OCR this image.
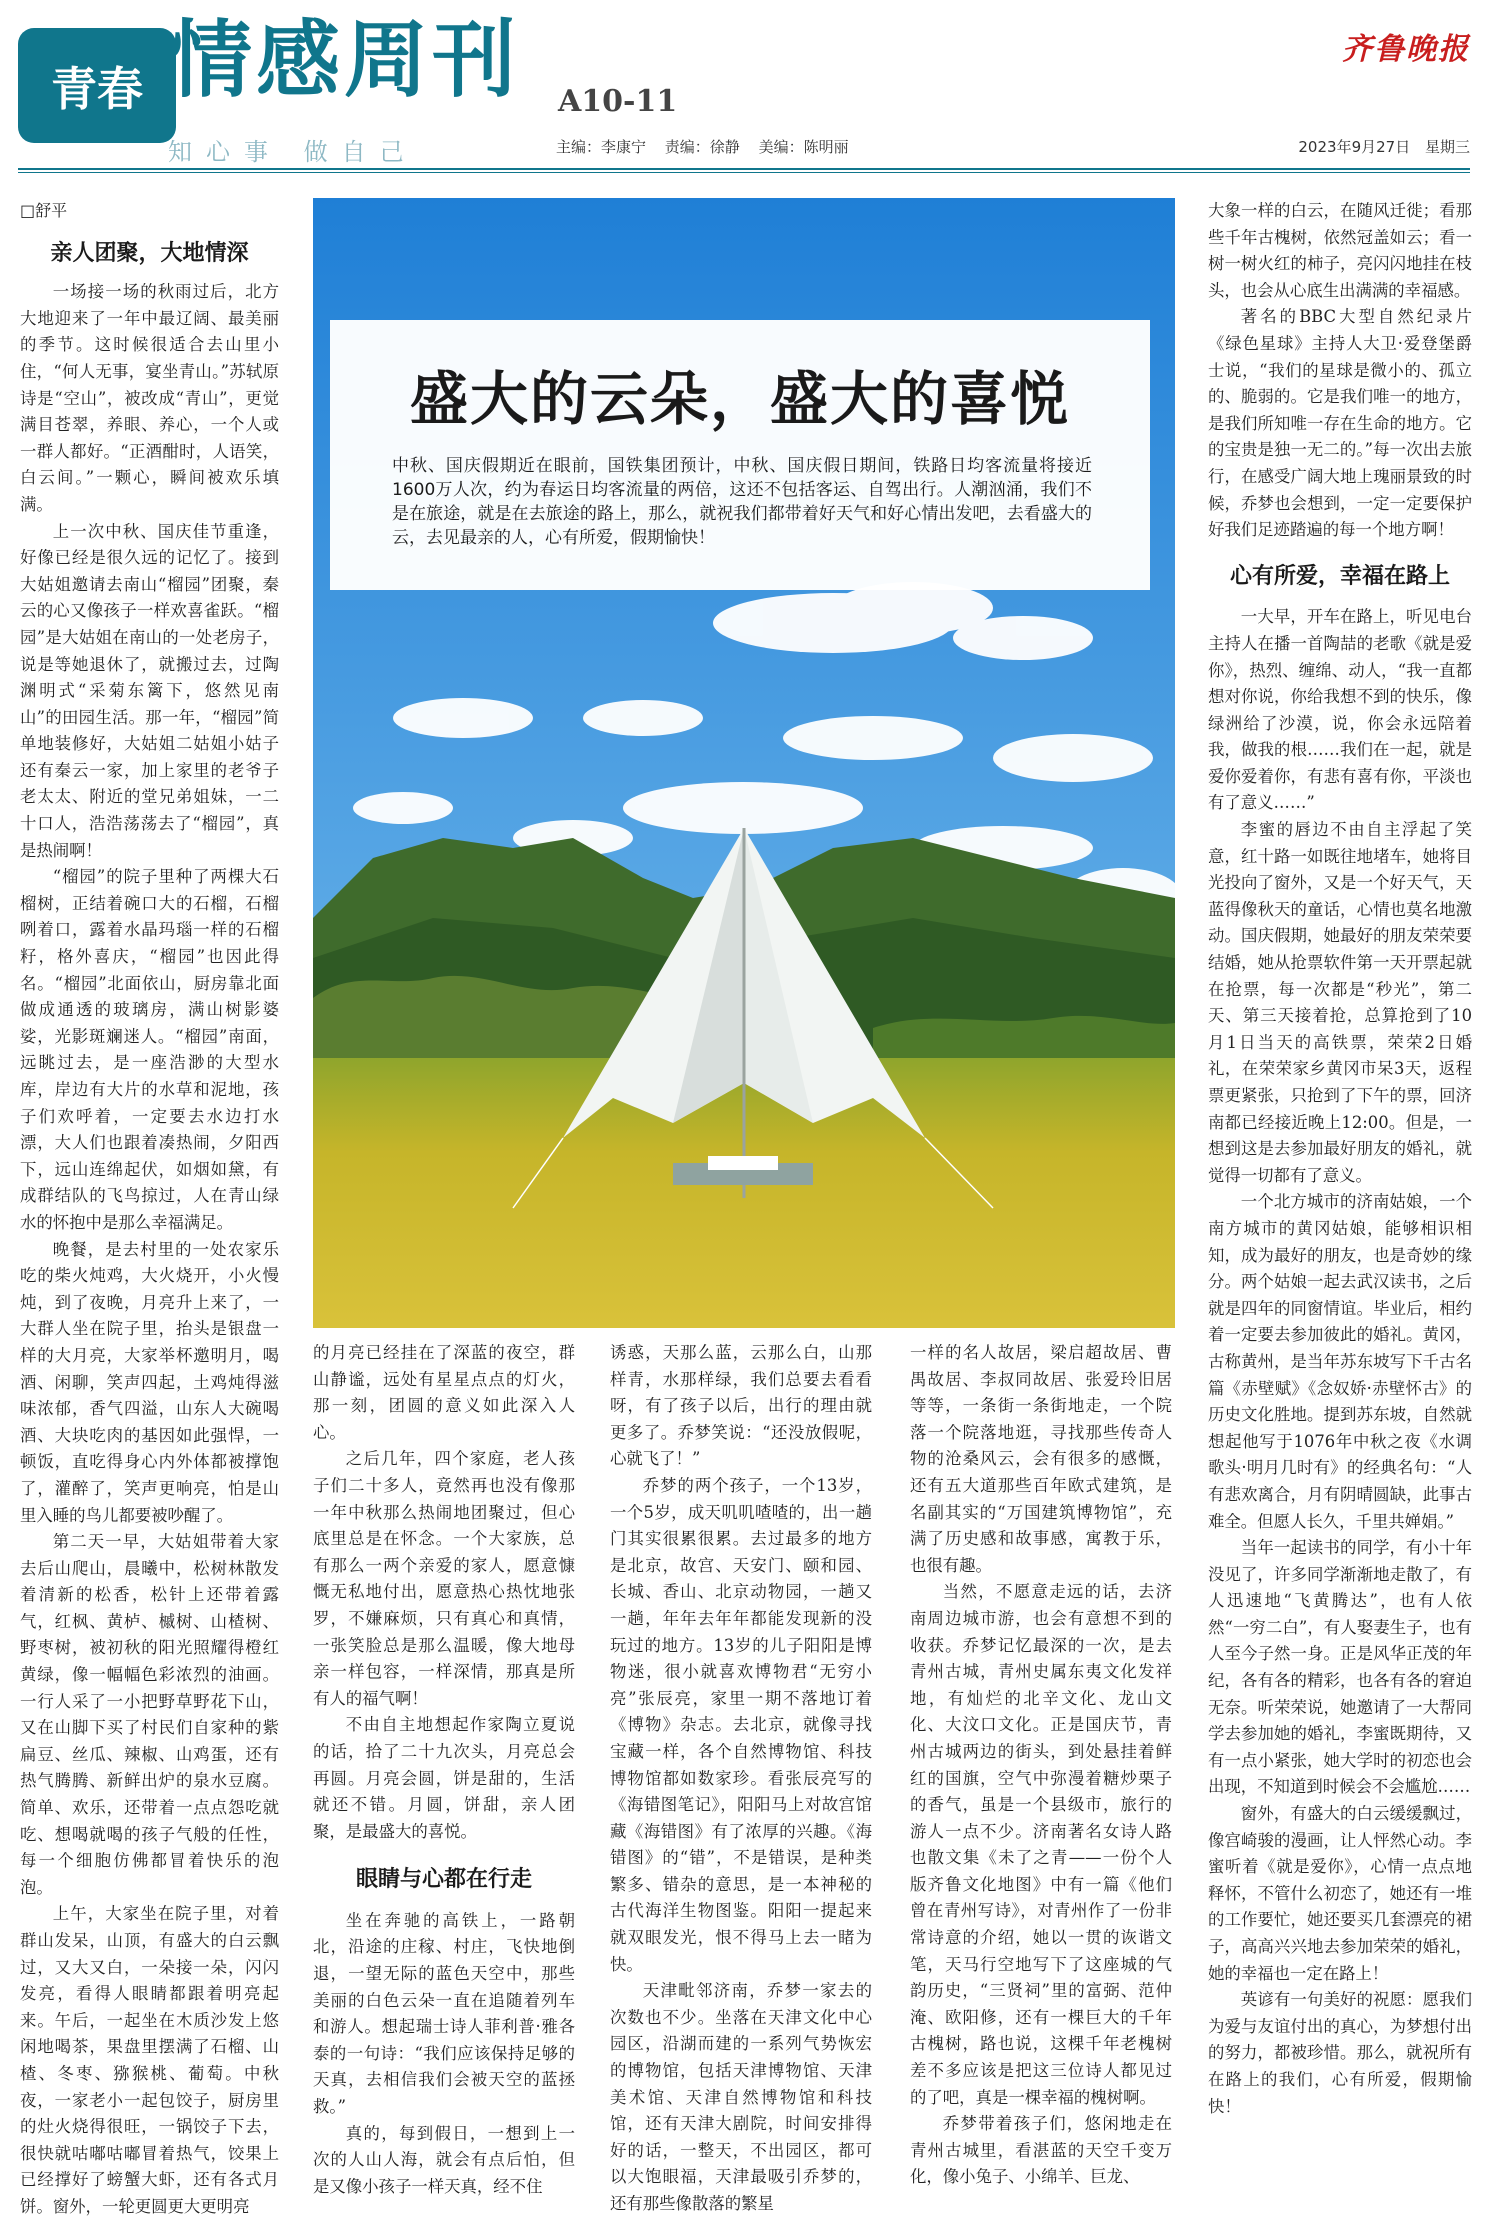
青春 情感周刊 A10-11
知心事 做自己	主编：李康宁 责编：徐静 美编：陈明丽
齐鲁晚报
2023年9月27日 星期三
□舒平
亲人团聚，大地情深

一场接一场的秋雨过后，北方大地迎来了一年中最辽阔、最美丽的季节。这时候很适合去山里小住，“何人无事，宴坐青山。”苏轼原诗是“空山”，被改成“青山”，更觉满目苍翠，养眼、养心，一个人或一群人都好。“正酒酣时，人语笑，白云间。”一颗心，瞬间被欢乐填满。

上一次中秋、国庆佳节重逢，好像已经是很久远的记忆了。接到大姑姐邀请去南山“榴园”团聚，秦云的心又像孩子一样欢喜雀跃。“榴园”是大姑姐在南山的一处老房子，说是等她退休了，就搬过去，过陶渊明式“采菊东篱下，悠然见南山”的田园生活。那一年，“榴园”简单地装修好，大姑姐二姑姐小姑子还有秦云一家，加上家里的老爷子老太太、附近的堂兄弟姐妹，一二十口人，浩浩荡荡去了“榴园”，真是热闹啊！

“榴园”的院子里种了两棵大石榴树，正结着碗口大的石榴，石榴咧着口，露着水晶玛瑙一样的石榴籽，格外喜庆，“榴园”也因此得名。“榴园”北面依山，厨房靠北面做成通透的玻璃房，满山树影婆娑，光影斑斓迷人。“榴园”南面，远眺过去，是一座浩渺的大型水库，岸边有大片的水草和泥地，孩子们欢呼着，一定要去水边打水漂，大人们也跟着凑热闹，夕阳西下，远山连绵起伏，如烟如黛，有成群结队的飞鸟掠过，人在青山绿水的怀抱中是那么幸福满足。

晚餐，是去村里的一处农家乐吃的柴火炖鸡，大火烧开，小火慢炖，到了夜晚，月亮升上来了，一大群人坐在院子里，抬头是银盘一样的大月亮，大家举杯邀明月，喝酒、闲聊，笑声四起，土鸡炖得滋味浓郁，香气四溢，山东人大碗喝酒、大块吃肉的基因如此强悍，一顿饭，直吃得身心内外体都被撑饱了，灌醉了，笑声更响亮，怕是山里入睡的鸟儿都要被吵醒了。

第二天一早，大姑姐带着大家去后山爬山，晨曦中，松树林散发着清新的松香，松针上还带着露气，红枫、黄栌、槭树、山楂树、野枣树，被初秋的阳光照耀得橙红黄绿，像一幅幅色彩浓烈的油画。一行人采了一小把野草野花下山，又在山脚下买了村民们自家种的紫扁豆、丝瓜、辣椒、山鸡蛋，还有热气腾腾、新鲜出炉的泉水豆腐。简单、欢乐，还带着一点点怨吃就吃、想喝就喝的孩子气般的任性，每一个细胞仿佛都冒着快乐的泡泡。

上午，大家坐在院子里，对着群山发呆，山顶，有盛大的白云飘过，又大又白，一朵接一朵，闪闪发亮，看得人眼睛都跟着明亮起来。午后，一起坐在木质沙发上悠闲地喝茶，果盘里摆满了石榴、山楂、冬枣、猕猴桃、葡萄。中秋夜，一家老小一起包饺子，厨房里的灶火烧得很旺，一锅饺子下去，很快就咕嘟咕嘟冒着热气，饺果上已经撑好了螃蟹大虾，还有各式月饼。窗外，一轮更圆更大更明亮

盛大的云朵，盛大的喜悦
中秋、国庆假期近在眼前，国铁集团预计，中秋、国庆假日期间，铁路日均客流量将接近1600万人次，约为春运日均客流量的两倍，这还不包括客运、自驾出行。人潮汹涌，我们不是在旅途，就是在去旅途的路上，那么，就祝我们都带着好天气和好心情出发吧，去看盛大的云，去见最亲的人，心有所爱，假期愉快！

的月亮已经挂在了深蓝的夜空，群山静谧，远处有星星点点的灯火，那一刻，团圆的意义如此深入人心。

之后几年，四个家庭，老人孩子们二十多人，竟然再也没有像那一年中秋那么热闹地团聚过，但心底里总是在怀念。一个大家族，总有那么一两个亲爱的家人，愿意慷慨无私地付出，愿意热心热忱地张罗，不嫌麻烦，只有真心和真情，一张笑脸总是那么温暖，像大地母亲一样包容，一样深情，那真是所有人的福气啊！

不由自主地想起作家陶立夏说的话，拾了二十九次头，月亮总会再圆。月亮会圆，饼是甜的，生活就还不错。月圆，饼甜，亲人团聚，是最盛大的喜悦。

眼睛与心都在行走

坐在奔驰的高铁上，一路朝北，沿途的庄稼、村庄，飞快地倒退，一望无际的蓝色天空中，那些美丽的白色云朵一直在追随着列车和游人。想起瑞士诗人菲利普·雅各泰的一句诗：“我们应该保持足够的天真，去相信我们会被天空的蓝拯救。”

真的，每到假日，一想到上一次的人山人海，就会有点后怕，但是又像小孩子一样天真，经不住

诱惑，天那么蓝，云那么白，山那样青，水那样绿，我们总要去看看呀，有了孩子以后，出行的理由就更多了。乔梦笑说：“还没放假呢，心就飞了！”

乔梦的两个孩子，一个13岁，一个5岁，成天叽叽喳喳的，出一趟门其实很累很累。去过最多的地方是北京，故宫、天安门、颐和园、长城、香山、北京动物园，一趟又一趟，年年去年年都能发现新的没玩过的地方。13岁的儿子阳阳是博物迷，很小就喜欢博物君“无穷小亮”张辰亮，家里一期不落地订着《博物》杂志。去北京，就像寻找宝藏一样，各个自然博物馆、科技博物馆都如数家珍。看张辰亮写的《海错图笔记》，阳阳马上对故宫馆藏《海错图》有了浓厚的兴趣。《海错图》的“错”，不是错误，是种类繁多、错杂的意思，是一本神秘的古代海洋生物图鉴。阳阳一提起来就双眼发光，恨不得马上去一睹为快。

天津毗邻济南，乔梦一家去的次数也不少。坐落在天津文化中心园区，沿湖而建的一系列气势恢宏的博物馆，包括天津博物馆、天津美术馆、天津自然博物馆和科技馆，还有天津大剧院，时间安排得好的话，一整天，不出园区，都可以大饱眼福，天津最吸引乔梦的，还有那些像散落的繁星

一样的名人故居，梁启超故居、曹禺故居、李叔同故居、张爱玲旧居等等，一条街一条街地走，一个院落一个院落地逛，寻找那些传奇人物的沧桑风云，会有很多的感慨，还有五大道那些百年欧式建筑，是名副其实的“万国建筑博物馆”，充满了历史感和故事感，寓教于乐，也很有趣。

当然，不愿意走远的话，去济南周边城市游，也会有意想不到的收获。乔梦记忆最深的一次，是去青州古城，青州史属东夷文化发祥地，有灿烂的北辛文化、龙山文化、大汶口文化。正是国庆节，青州古城两边的街头，到处悬挂着鲜红的国旗，空气中弥漫着糖炒栗子的香气，虽是一个县级市，旅行的游人一点不少。济南著名女诗人路也散文集《未了之青——一份个人版齐鲁文化地图》中有一篇《他们曾在青州写诗》，对青州作了一份非常诗意的介绍，她以一贯的诙谐文笔，天马行空地写下了这座城的气韵历史，“三贤祠”里的富弼、范仲淹、欧阳修，还有一棵巨大的千年古槐树，路也说，这棵千年老槐树差不多应该是把这三位诗人都见过的了吧，真是一棵幸福的槐树啊。

乔梦带着孩子们，悠闲地走在青州古城里，看湛蓝的天空千变万化，像小兔子、小绵羊、巨龙、

大象一样的白云，在随风迁徙；看那些千年古槐树，依然冠盖如云；看一树一树火红的柿子，亮闪闪地挂在枝头，也会从心底生出满满的幸福感。

著名的BBC大型自然纪录片《绿色星球》主持人大卫·爱登堡爵士说，“我们的星球是微小的、孤立的、脆弱的。它是我们唯一的地方，是我们所知唯一存在生命的地方。它的宝贵是独一无二的。”每一次出去旅行，在感受广阔大地上瑰丽景致的时候，乔梦也会想到，一定一定要保护好我们足迹踏遍的每一个地方啊！

心有所爱，幸福在路上

一大早，开车在路上，听见电台主持人在播一首陶喆的老歌《就是爱你》，热烈、缠绵、动人，“我一直都想对你说，你给我想不到的快乐，像绿洲给了沙漠，说，你会永远陪着我，做我的根……我们在一起，就是爱你爱着你，有悲有喜有你，平淡也有了意义……”

李蜜的唇边不由自主浮起了笑意，红十路一如既往地堵车，她将目光投向了窗外，又是一个好天气，天蓝得像秋天的童话，心情也莫名地激动。国庆假期，她最好的朋友荣荣要结婚，她从抢票软件第一天开票起就在抢票，每一次都是“秒光”，第二天、第三天接着抢，总算抢到了10月1日当天的高铁票，荣荣2日婚礼，在荣荣家乡黄冈市呆3天，返程票更紧张，只抢到了下午的票，回济南都已经接近晚上12:00。但是，一想到这是去参加最好朋友的婚礼，就觉得一切都有了意义。

一个北方城市的济南姑娘，一个南方城市的黄冈姑娘，能够相识相知，成为最好的朋友，也是奇妙的缘分。两个姑娘一起去武汉读书，之后就是四年的同窗情谊。毕业后，相约着一定要去参加彼此的婚礼。黄冈，古称黄州，是当年苏东坡写下千古名篇《赤壁赋》《念奴娇·赤壁怀古》的历史文化胜地。提到苏东坡，自然就想起他写于1076年中秋之夜《水调歌头·明月几时有》的经典名句：“人有悲欢离合，月有阴晴圆缺，此事古难全。但愿人长久，千里共婵娟。”

当年一起读书的同学，有小十年没见了，许多同学渐渐地走散了，有人迅速地“飞黄腾达”，也有人依然“一穷二白”，有人娶妻生子，也有人至今子然一身。正是风华正茂的年纪，各有各的精彩，也各有各的窘迫无奈。听荣荣说，她邀请了一大帮同学去参加她的婚礼，李蜜既期待，又有一点小紧张，她大学时的初恋也会出现，不知道到时候会不会尴尬……

窗外，有盛大的白云缓缓飘过，像宫崎骏的漫画，让人怦然心动。李蜜听着《就是爱你》，心情一点点地释怀，不管什么初恋了，她还有一堆的工作要忙，她还要买几套漂亮的裙子，高高兴兴地去参加荣荣的婚礼，她的幸福也一定在路上！

英谚有一句美好的祝愿：愿我们为爱与友谊付出的真心，为梦想付出的努力，都被珍惜。那么，就祝所有在路上的我们，心有所爱，假期愉快！
